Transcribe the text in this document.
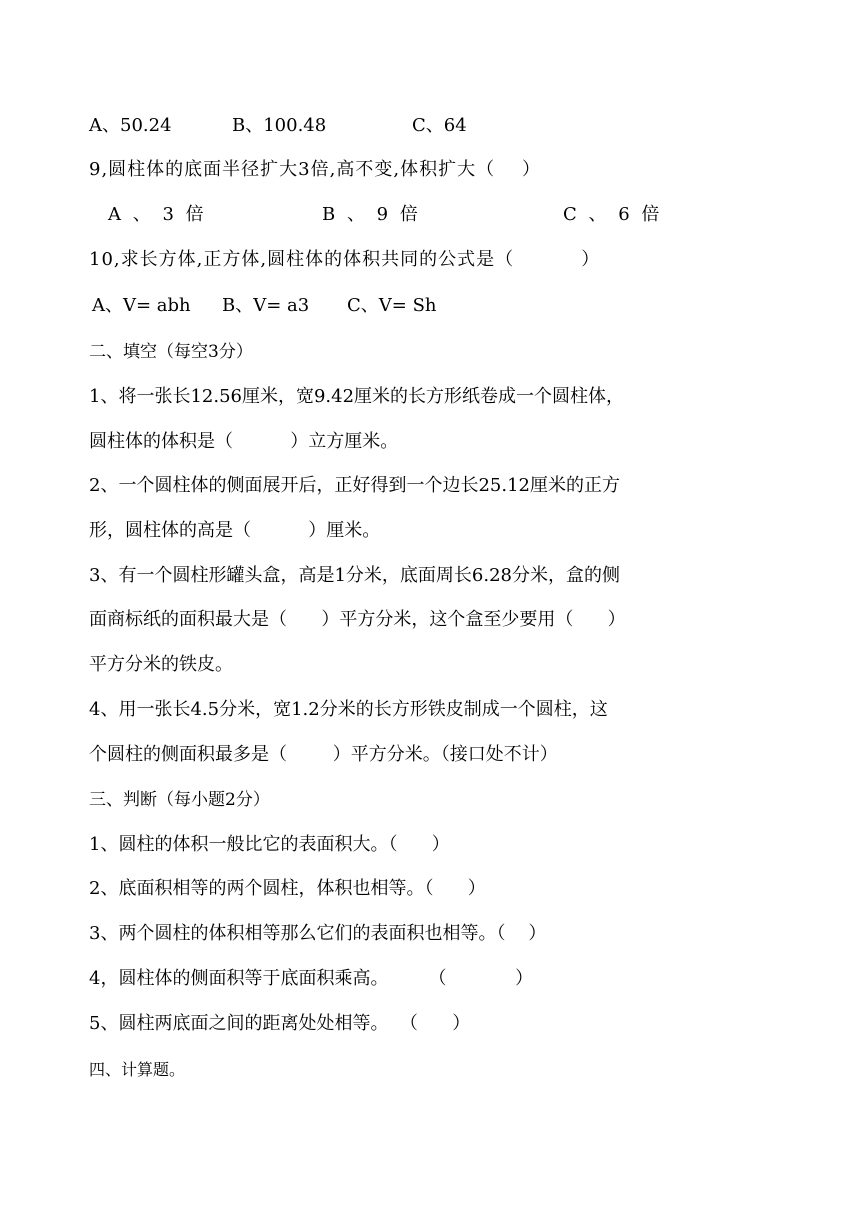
A、50.24	B、100.48	C、64
9,圆柱体的底面半径扩大3倍,高不变,体积扩大（    ）
A 、 3 倍	B 、 9 倍	C 、 6 倍
10,求长方体,正方体,圆柱体的体积共同的公式是（          ）
A、V= abh B、V= a3 C、V= Sh
二、填空（每空3分）
1、将一张长12.56厘米，宽9.42厘米的长方形纸卷成一个圆柱体，
圆柱体的体积是（          ）立方厘米。
2、一个圆柱体的侧面展开后，正好得到一个边长25.12厘米的正方
形，圆柱体的高是（          ）厘米。
3、有一个圆柱形罐头盒，高是1分米，底面周长6.28分米，盒的侧
面商标纸的面积最大是（      ）平方分米，这个盒至少要用（      ）
平方分米的铁皮。
4、用一张长4.5分米，宽1.2分米的长方形铁皮制成一个圆柱，这
个圆柱的侧面积最多是（        ）平方分米。（接口处不计）
三、判断（每小题2分）
1、圆柱的体积一般比它的表面积大。（      ）
2、底面积相等的两个圆柱，体积也相等。（      ）
3、两个圆柱的体积相等那么它们的表面积也相等。（    ）
4，圆柱体的侧面积等于底面积乘高。       （            ）
5、圆柱两底面之间的距离处处相等。  （      ）
四、计算题。
